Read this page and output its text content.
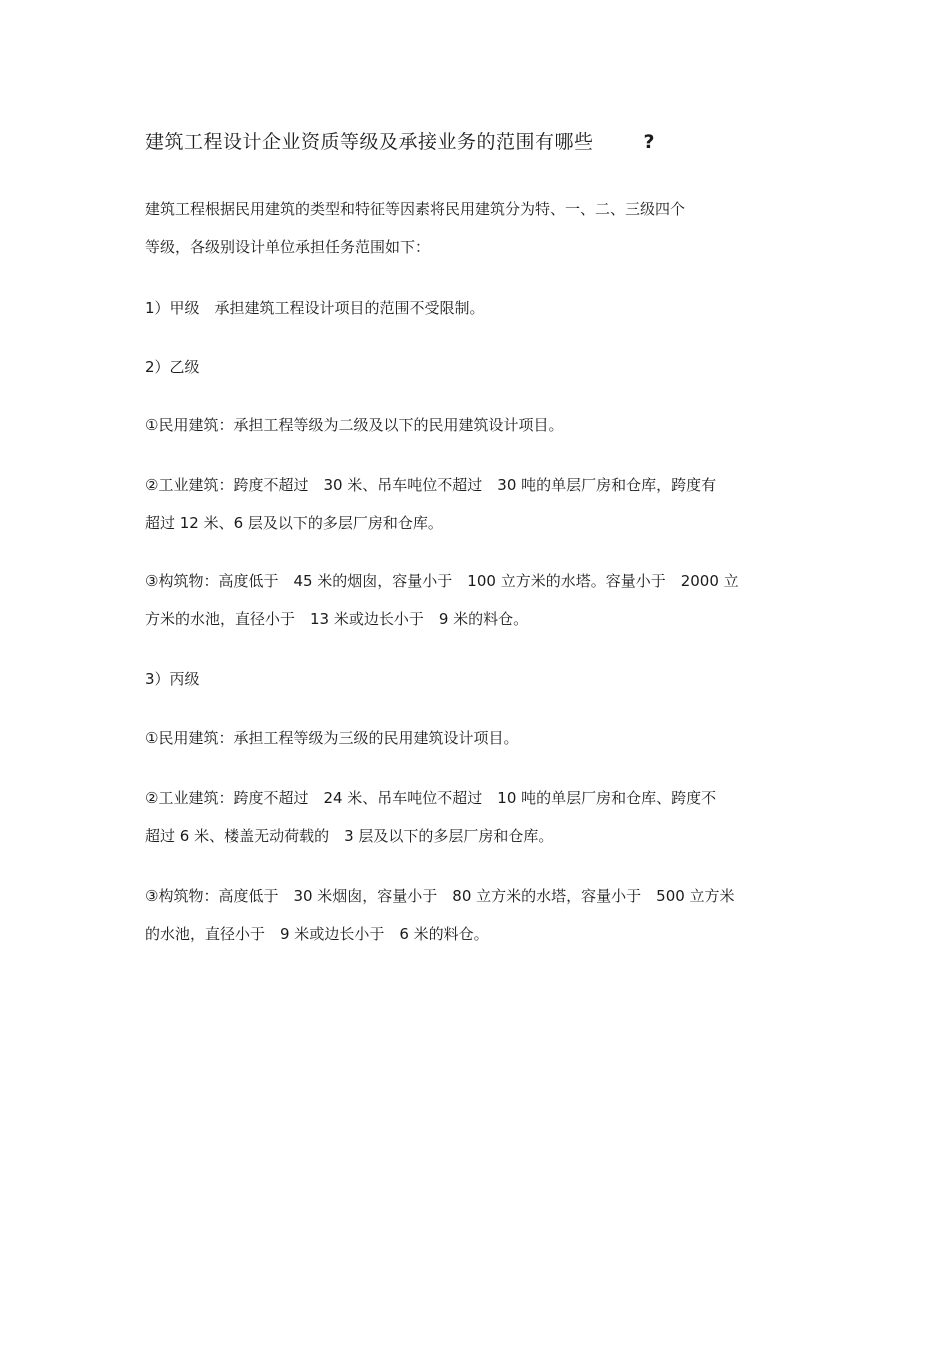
建筑工程设计企业资质等级及承接业务的范围有哪些	?
建筑工程根据民用建筑的类型和特征等因素将民用建筑分为特、一、二、三级四个
等级，各级别设计单位承担任务范围如下：
1）甲级　承担建筑工程设计项目的范围不受限制。
2）乙级
①民用建筑：承担工程等级为二级及以下的民用建筑设计项目。
②工业建筑：跨度不超过　30 米、吊车吨位不超过　30 吨的单层厂房和仓库，跨度有
超过 12 米、6 层及以下的多层厂房和仓库。
③构筑物：高度低于　45 米的烟囱，容量小于　100 立方米的水塔。容量小于　2000 立
方米的水池，直径小于　13 米或边长小于　9 米的料仓。
3）丙级
①民用建筑：承担工程等级为三级的民用建筑设计项目。
②工业建筑：跨度不超过　24 米、吊车吨位不超过　10 吨的单层厂房和仓库、跨度不
超过 6 米、楼盖无动荷载的　3 层及以下的多层厂房和仓库。
③构筑物：高度低于　30 米烟囱，容量小于　80 立方米的水塔，容量小于　500 立方米
的水池，直径小于　9 米或边长小于　6 米的料仓。
